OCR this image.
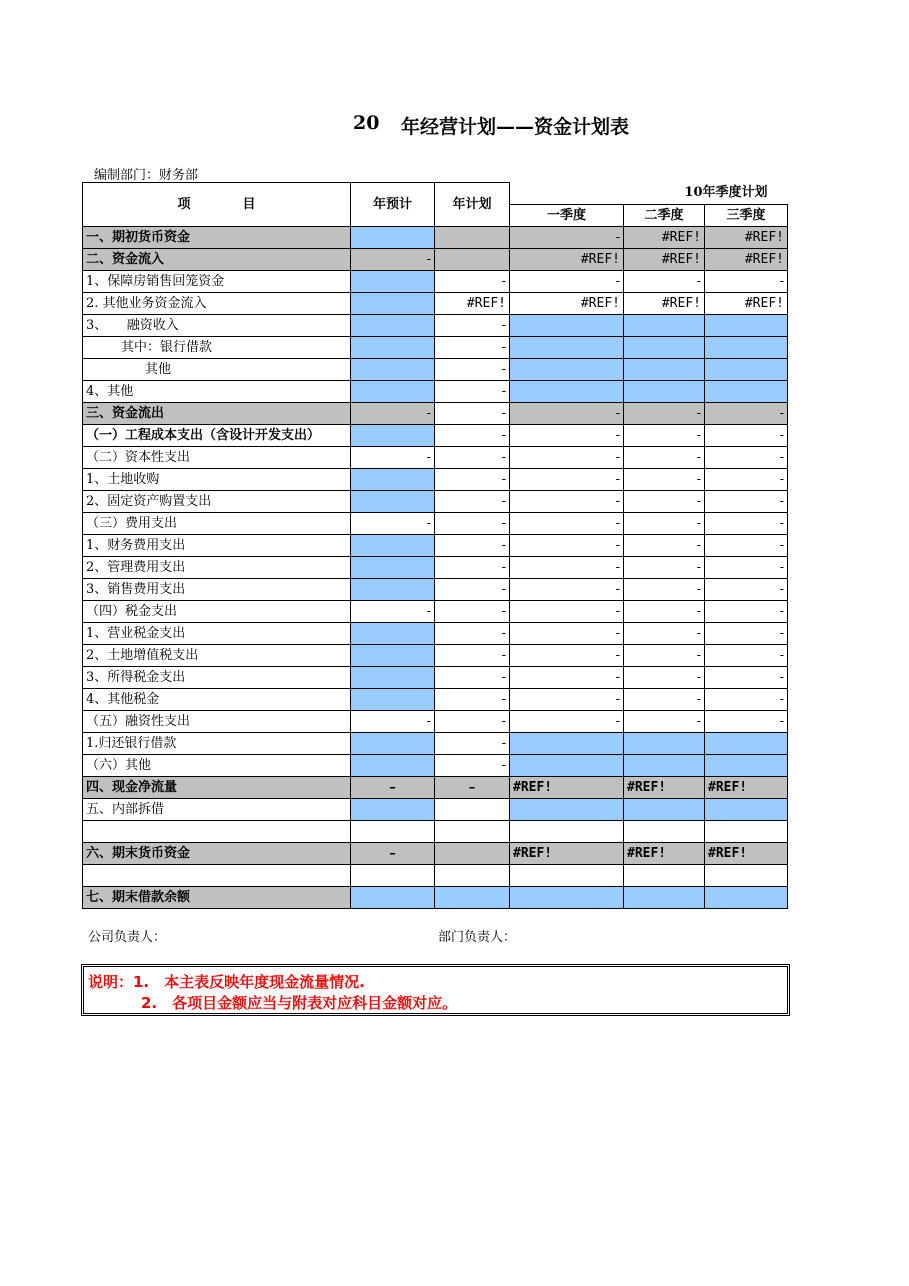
20 年经营计划——资金计划表
编制部门：财务部
项　　　　目	年预计	年计划	10年季度计划		
			一季度	二季度	三季度
一、期初货币资金			-	#REF!	#REF!
二、资金流入	-		#REF!	#REF!	#REF!
1、保障房销售回笼资金		-	-	-	-
2. 其他业务资金流入		#REF!	#REF!	#REF!	#REF!
3、　　融资收入		-			
其中：银行借款		-			
其他		-			
4、其他		-			
三、资金流出	-	-	-	-	-
（一）工程成本支出（含设计开发支出）		-	-	-	-
（二）资本性支出	-	-	-	-	-
1、土地收购		-	-	-	-
2、固定资产购置支出		-	-	-	-
（三）费用支出	-	-	-	-	-
1、财务费用支出		-	-	-	-
2、管理费用支出		-	-	-	-
3、销售费用支出		-	-	-	-
（四）税金支出	-	-	-	-	-
1、营业税金支出		-	-	-	-
2、土地增值税支出		-	-	-	-
3、所得税金支出		-	-	-	-
4、其他税金		-	-	-	-
（五）融资性支出	-	-	-	-	-
1.归还银行借款		-			
（六）其他		-			
四、现金净流量	–	–	#REF!	#REF!	#REF!
五、内部拆借					

六、期末货币资金	–		#REF!	#REF!	#REF!

七、期末借款余额					
公司负责人：	部门负责人：
说明：1.　本主表反映年度现金流量情况.
2.　各项目金额应当与附表对应科目金额对应。
